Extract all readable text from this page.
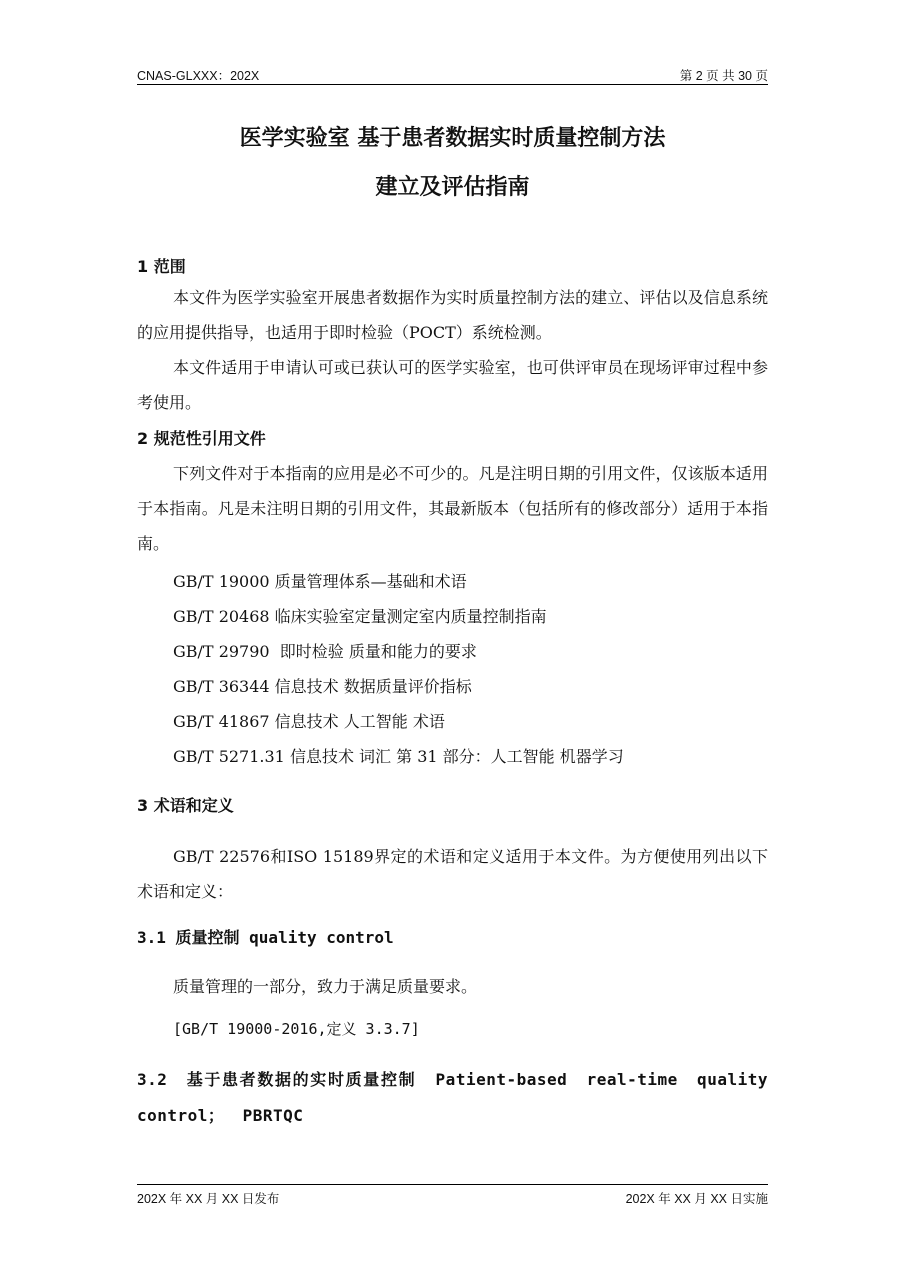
CNAS-GLXXX：202X	第 2 页 共 30 页
医学实验室 基于患者数据实时质量控制方法
建立及评估指南
1 范围
本文件为医学实验室开展患者数据作为实时质量控制方法的建立、评估以及信息系统的应用提供指导，也适用于即时检验（POCT）系统检测。
本文件适用于申请认可或已获认可的医学实验室，也可供评审员在现场评审过程中参考使用。
2 规范性引用文件
下列文件对于本指南的应用是必不可少的。凡是注明日期的引用文件，仅该版本适用于本指南。凡是未注明日期的引用文件，其最新版本（包括所有的修改部分）适用于本指南。
GB/T 19000 质量管理体系—基础和术语
GB/T 20468 临床实验室定量测定室内质量控制指南
GB/T 29790  即时检验 质量和能力的要求
GB/T 36344 信息技术 数据质量评价指标
GB/T 41867 信息技术 人工智能 术语
GB/T 5271.31 信息技术 词汇 第 31 部分：人工智能 机器学习
3 术语和定义
GB/T 22576和ISO 15189界定的术语和定义适用于本文件。为方便使用列出以下术语和定义：
3.1 质量控制 quality control
质量管理的一部分，致力于满足质量要求。
[GB/T 19000-2016,定义 3.3.7]
3.2 基于患者数据的实时质量控制 Patient-based real-time quality control； PBRTQC
202X 年 XX 月 XX 日发布	202X 年 XX 月 XX 日实施
